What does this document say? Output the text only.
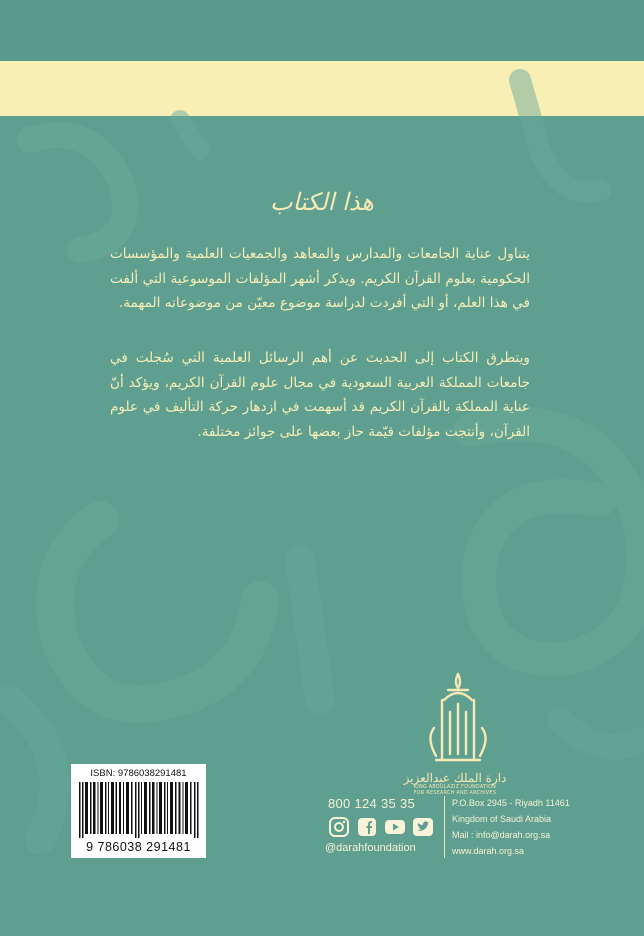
هذا الكتاب

يتناول عناية الجامعات والمدارس والمعاهد والجمعيات العلمية والمؤسسات الحكومية بعلوم القرآن الكريم. ويذكر أشهر المؤلفات الموسوعية التي ألفت في هذا العلم، أو التي أفردت لدراسة موضوع معيّن من موضوعاته المهمة.

ويتطرق الكتاب إلى الحديث عن أهم الرسائل العلمية التي سُجلت في جامعات المملكة العربية السعودية في مجال علوم القرآن الكريم، ويؤكد أنّ عناية المملكة بالقرآن الكريم قد أسهمت في ازدهار حركة التأليف في علوم القرآن، وأنتجت مؤلفات قيّمة حاز بعضها على جوائز مختلفة.

دارة الملك عبدالعزيز
KING ABDULAZIZ FOUNDATION
FOR RESEARCH AND ARCHIVES
800 124 35 35
@darahfoundation
P.O.Box 2945 - Riyadh 11461
Kingdom of Saudi Arabia
Mail : info@darah.org.sa
www.darah.org.sa
ISBN: 9786038291481
9 786038 291481
